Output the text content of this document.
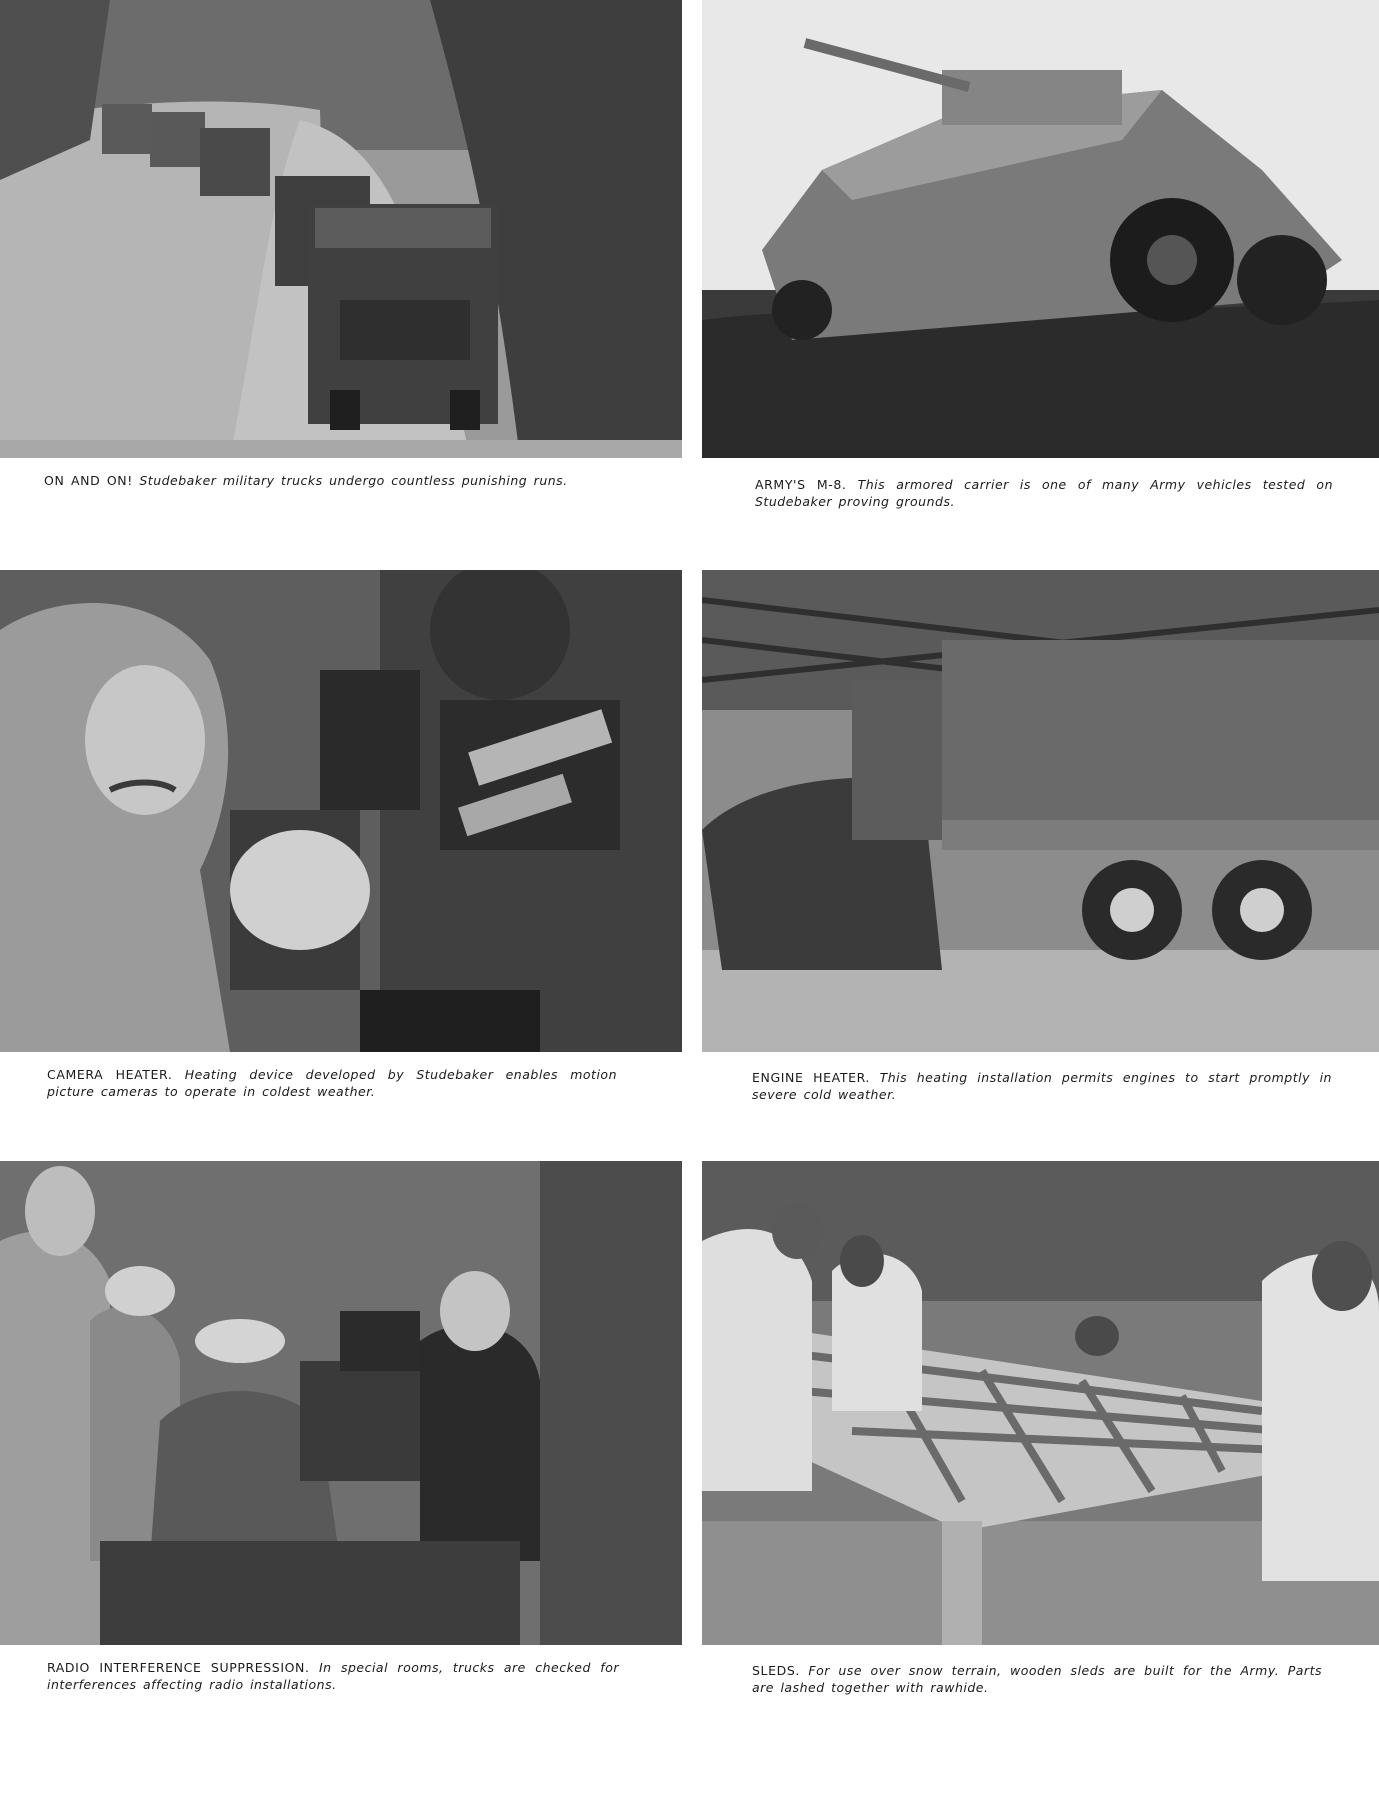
ON AND ON! Studebaker military trucks undergo countless punishing runs.	ARMY'S M-8. This armored carrier is one of many Army vehicles tested on Studebaker proving grounds.
CAMERA HEATER. Heating device developed by Studebaker enables motion picture cameras to operate in coldest weather.
ENGINE HEATER. This heating installation permits engines to start promptly in severe cold weather.
RADIO INTERFERENCE SUPPRESSION. In special rooms, trucks are checked for interferences affecting radio installations.
SLEDS. For use over snow terrain, wooden sleds are built for the Army. Parts are lashed together with rawhide.
